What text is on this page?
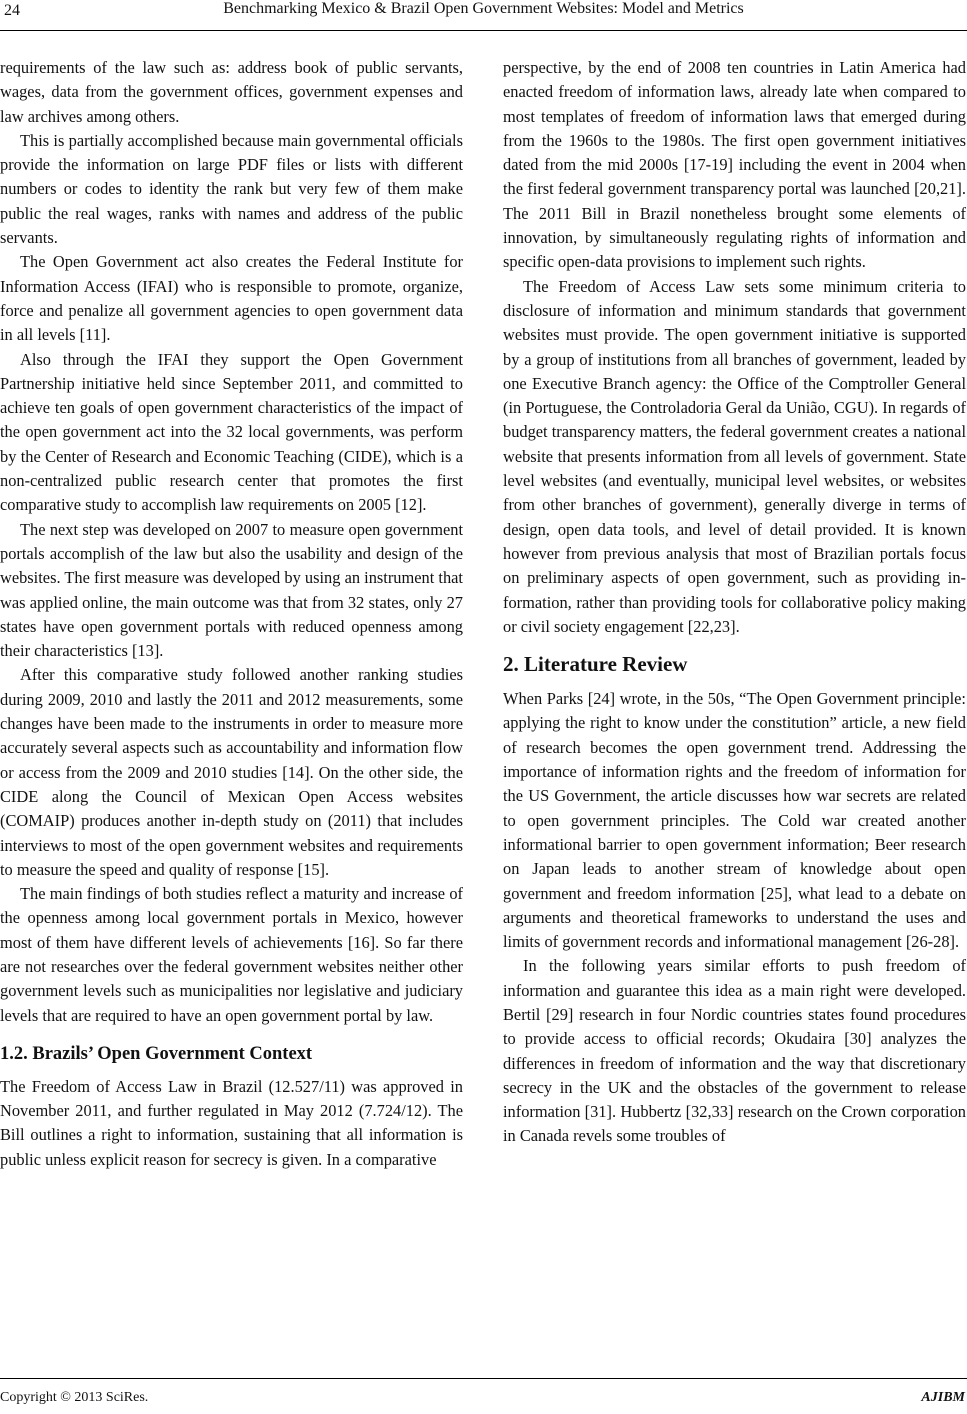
24	Benchmarking Mexico & Brazil Open Government Websites: Model and Metrics

requirements of the law such as: address book of public servants, wages, data from the government offices, government expenses and law archives among others.

This is partially accomplished because main governmental officials provide the information on large PDF files or lists with different numbers or codes to identity the rank but very few of them make public the real wages, ranks with names and address of the public servants.

The Open Government act also creates the Federal Institute for Information Access (IFAI) who is responsible to promote, organize, force and penalize all government agencies to open government data in all levels [11].

Also through the IFAI they support the Open Government Partnership initiative held since September 2011, and committed to achieve ten goals of open government characteristics of the impact of the open government act into the 32 local governments, was perform by the Center of Research and Economic Teaching (CIDE), which is a non-centralized public research center that promotes the first comparative study to accomplish law requirements on 2005 [12].

The next step was developed on 2007 to measure open government portals accomplish of the law but also the usability and design of the websites. The first measure was developed by using an instrument that was applied online, the main outcome was that from 32 states, only 27 states have open government portals with reduced openness among their characteristics [13].

After this comparative study followed another ranking studies during 2009, 2010 and lastly the 2011 and 2012 measurements, some changes have been made to the instruments in order to measure more accurately several aspects such as accountability and information flow or access from the 2009 and 2010 studies [14]. On the other side, the CIDE along the Council of Mexican Open Access websites (COMAIP) produces another in-depth study on (2011) that includes interviews to most of the open government websites and requirements to measure the speed and quality of response [15].

The main findings of both studies reflect a maturity and increase of the openness among local government portals in Mexico, however most of them have different levels of achievements [16]. So far there are not researches over the federal government websites neither other government levels such as municipalities nor legislative and judiciary levels that are required to have an open government portal by law.

1.2. Brazils’ Open Government Context

The Freedom of Access Law in Brazil (12.527/11) was approved in November 2011, and further regulated in May 2012 (7.724/12). The Bill outlines a right to information, sustaining that all information is public unless explicit reason for secrecy is given. In a comparative

perspective, by the end of 2008 ten countries in Latin America had enacted freedom of information laws, already late when compared to most templates of freedom of information laws that emerged during from the 1960s to the 1980s. The first open government initiatives dated from the mid 2000s [17-19] including the event in 2004 when the first federal government transparency portal was launched [20,21]. The 2011 Bill in Brazil nonetheless brought some elements of innovation, by simultaneously regulating rights of information and specific open-data provisions to implement such rights.

The Freedom of Access Law sets some minimum criteria to disclosure of information and minimum standards that government websites must provide. The open government initiative is supported by a group of institutions from all branches of government, leaded by one Executive Branch agency: the Office of the Comptroller General (in Portuguese, the Controladoria Geral da União, CGU). In regards of budget transparency matters, the federal government creates a national website that presents information from all levels of government. State level websites (and eventually, municipal level websites, or websites from other branches of government), generally diverge in terms of design, open data tools, and level of detail provided. It is known however from previous analysis that most of Brazilian portals focus on preliminary aspects of open government, such as providing information, rather than providing tools for collaborative policy making or civil society engagement [22,23].

2. Literature Review

When Parks [24] wrote, in the 50s, “The Open Government principle: applying the right to know under the constitution” article, a new field of research becomes the open government trend. Addressing the importance of information rights and the freedom of information for the US Government, the article discusses how war secrets are related to open government principles. The Cold war created another informational barrier to open government information; Beer research on Japan leads to another stream of knowledge about open government and freedom information [25], what lead to a debate on arguments and theoretical frameworks to understand the uses and limits of government records and informational management [26-28].

In the following years similar efforts to push freedom of information and guarantee this idea as a main right were developed. Bertil [29] research in four Nordic countries states found procedures to provide access to official records; Okudaira [30] analyzes the differences in freedom of information and the way that discretionary secrecy in the UK and the obstacles of the government to release information [31]. Hubbertz [32,33] research on the Crown corporation in Canada revels some troubles of

Copyright © 2013 SciRes.	AJIBM
